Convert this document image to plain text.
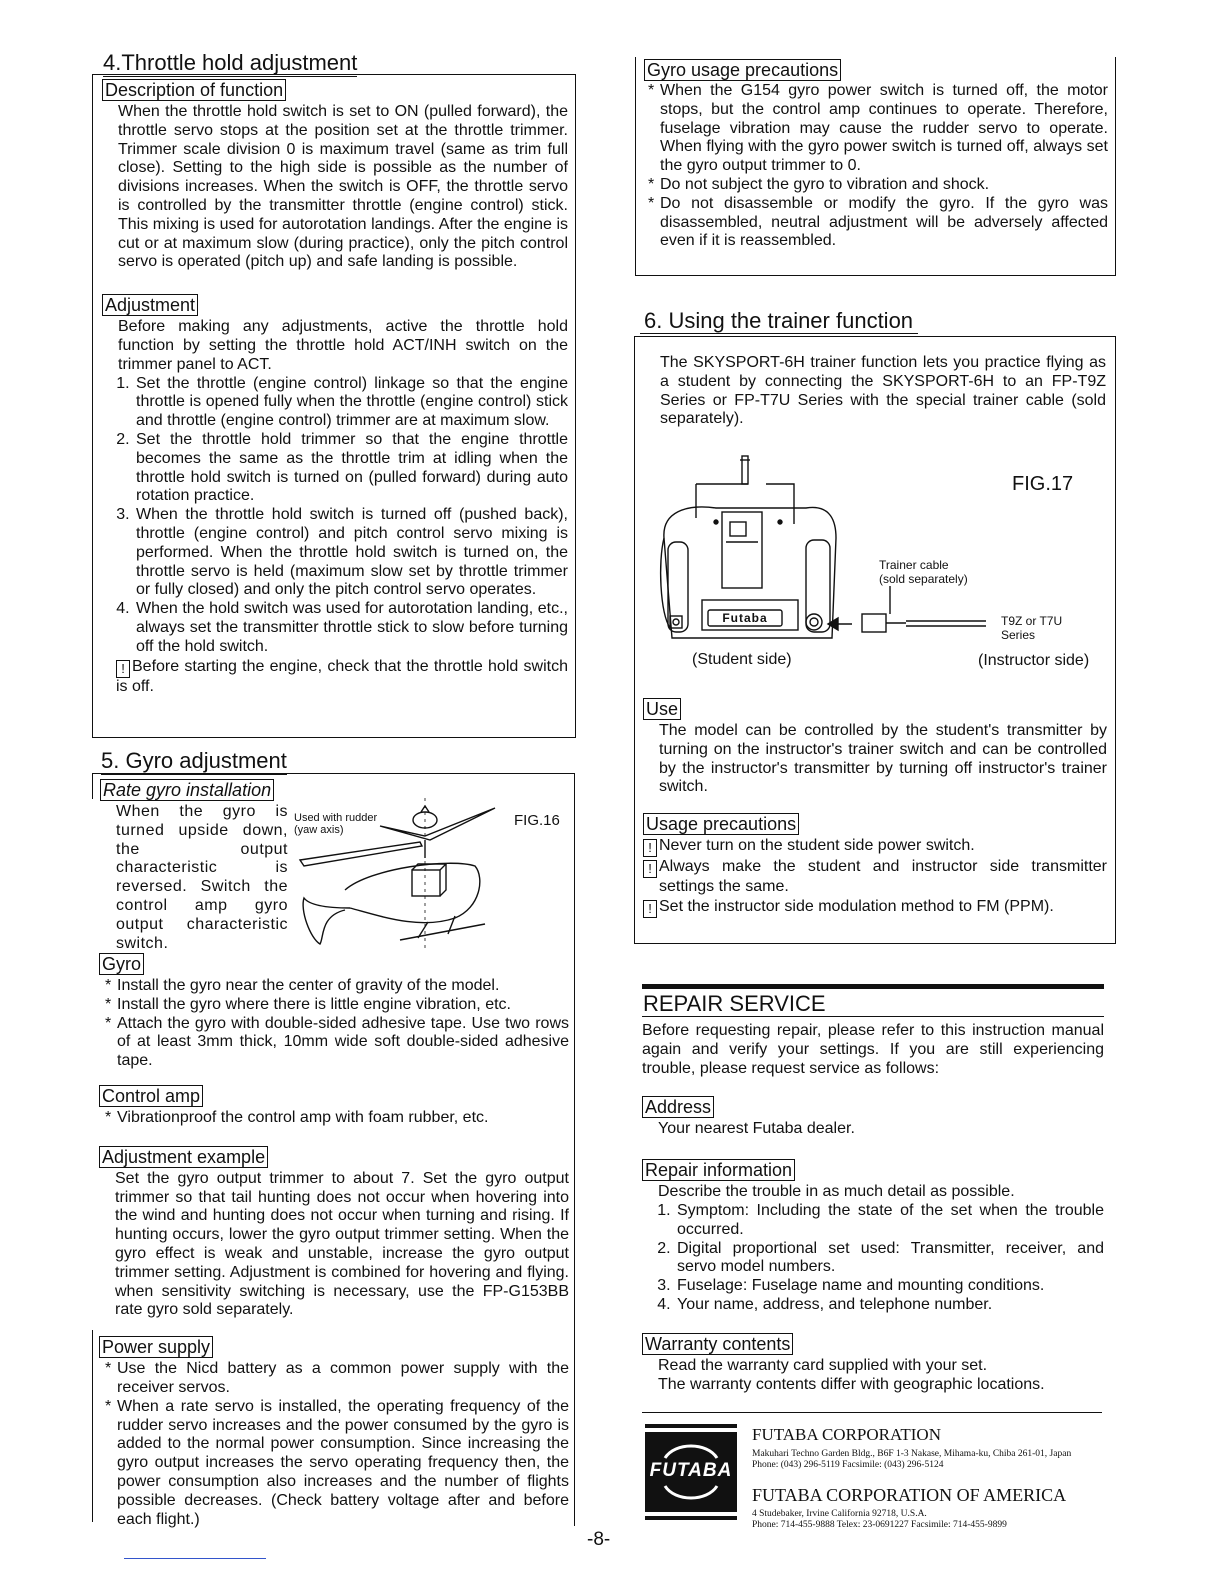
4.Throttle hold adjustment
Description of function

When the throttle hold switch is set to ON (pulled forward), the throttle servo stops at the position set at the throttle trimmer. Trimmer scale division 0 is maximum travel (same as trim full close). Setting to the high side is possible as the number of divisions increases. When the switch is OFF, the throttle servo is controlled by the transmitter throttle (engine control) stick. This mixing is used for autorotation landings. After the engine is cut or at maximum slow (during practice), only the pitch control servo is operated (pitch up) and safe landing is possible.

Adjustment

Before making any adjustments, active the throttle hold function by setting the throttle hold ACT/INH switch on the trimmer panel to ACT.

1. Set the throttle (engine control) linkage so that the engine throttle is opened fully when the throttle (engine control) stick and throttle (engine control) trimmer are at maximum slow.
2. Set the throttle hold trimmer so that the engine throttle becomes the same as the throttle trim at idling when the throttle hold switch is turned on (pulled forward) during auto rotation practice.
3. When the throttle hold switch is turned off (pushed back), throttle (engine control) and pitch control servo mixing is performed. When the throttle hold switch is turned on, the throttle servo is held (maximum slow set by throttle trimmer or fully closed) and only the pitch control servo operates.
4. When the hold switch was used for autorotation landing, etc., always set the transmitter throttle stick to slow before turning off the hold switch.
! Before starting the engine, check that the throttle hold switch is off.
5. Gyro adjustment
Rate gyro installation

When the gyro is turned upside down, the output characteristic is reversed. Switch the control amp gyro output characteristic switch.

FIG.16
Used with rudder
(yaw axis)
Gyro
* Install the gyro near the center of gravity of the model.
* Install the gyro where there is little engine vibration, etc.
* Attach the gyro with double-sided adhesive tape. Use two rows of at least 3mm thick, 10mm wide soft double-sided adhesive tape.
Control amp
* Vibrationproof the control amp with foam rubber, etc.
Adjustment example

Set the gyro output trimmer to about 7. Set the gyro output trimmer so that tail hunting does not occur when hovering into the wind and hunting does not occur when turning and rising. If hunting occurs, lower the gyro output trimmer setting. When the gyro effect is weak and unstable, increase the gyro output trimmer setting. Adjustment is combined for hovering and flying. when sensitivity switching is necessary, use the FP-G153BB rate gyro sold separately.

Power supply
* Use the Nicd battery as a common power supply with the receiver servos.
* When a rate servo is installed, the operating frequency of the rudder servo increases and the power consumed by the gyro is added to the normal power consumption. Since increasing the gyro output increases the servo operating frequency then, the power consumption also increases and the number of flights possible decreases. (Check battery voltage after and before each flight.)
Gyro usage precautions
* When the G154 gyro power switch is turned off, the motor stops, but the control amp continues to operate. Therefore, fuselage vibration may cause the rudder servo to operate. When flying with the gyro power switch is turned off, always set the gyro output trimmer to 0.
* Do not subject the gyro to vibration and shock.
* Do not disassemble or modify the gyro. If the gyro was disassembled, neutral adjustment will be adversely affected even if it is reassembled.
6. Using the trainer function

The SKYSPORT-6H trainer function lets you practice flying as a student by connecting the SKYSPORT-6H to an FP-T9Z Series or FP-T7U Series with the special trainer cable (sold separately).

FIG.17
Trainer cable
(sold separately)
T9Z or T7U
Series
Futaba
(Student side)	(Instructor side)
Use

The model can be controlled by the student's transmitter by turning on the instructor's trainer switch and can be controlled by the instructor's transmitter by turning off instructor's trainer switch.

Usage precautions
! Never turn on the student side power switch.
! Always make the student and instructor side transmitter settings the same.
! Set the instructor side modulation method to FM (PPM).
REPAIR SERVICE

Before requesting repair, please refer to this instruction manual again and verify your settings. If you are still experiencing trouble, please request service as follows:

Address

Your nearest Futaba dealer.

Repair information

Describe the trouble in as much detail as possible.

1. Symptom: Including the state of the set when the trouble occurred.
2. Digital proportional set used: Transmitter, receiver, and servo model numbers.
3. Fuselage: Fuselage name and mounting conditions.
4. Your name, address, and telephone number.
Warranty contents
Read the warranty card supplied with your set.
The warranty contents differ with geographic locations.
FUTABA
FUTABA CORPORATION
Makuhari Techno Garden Bldg., B6F 1-3 Nakase, Mihama-ku, Chiba 261-01, Japan
Phone: (043) 296-5119 Facsimile: (043) 296-5124
FUTABA CORPORATION OF AMERICA
4 Studebaker, Irvine California 92718, U.S.A.
Phone: 714-455-9888 Telex: 23-0691227 Facsimile: 714-455-9899
-8-
